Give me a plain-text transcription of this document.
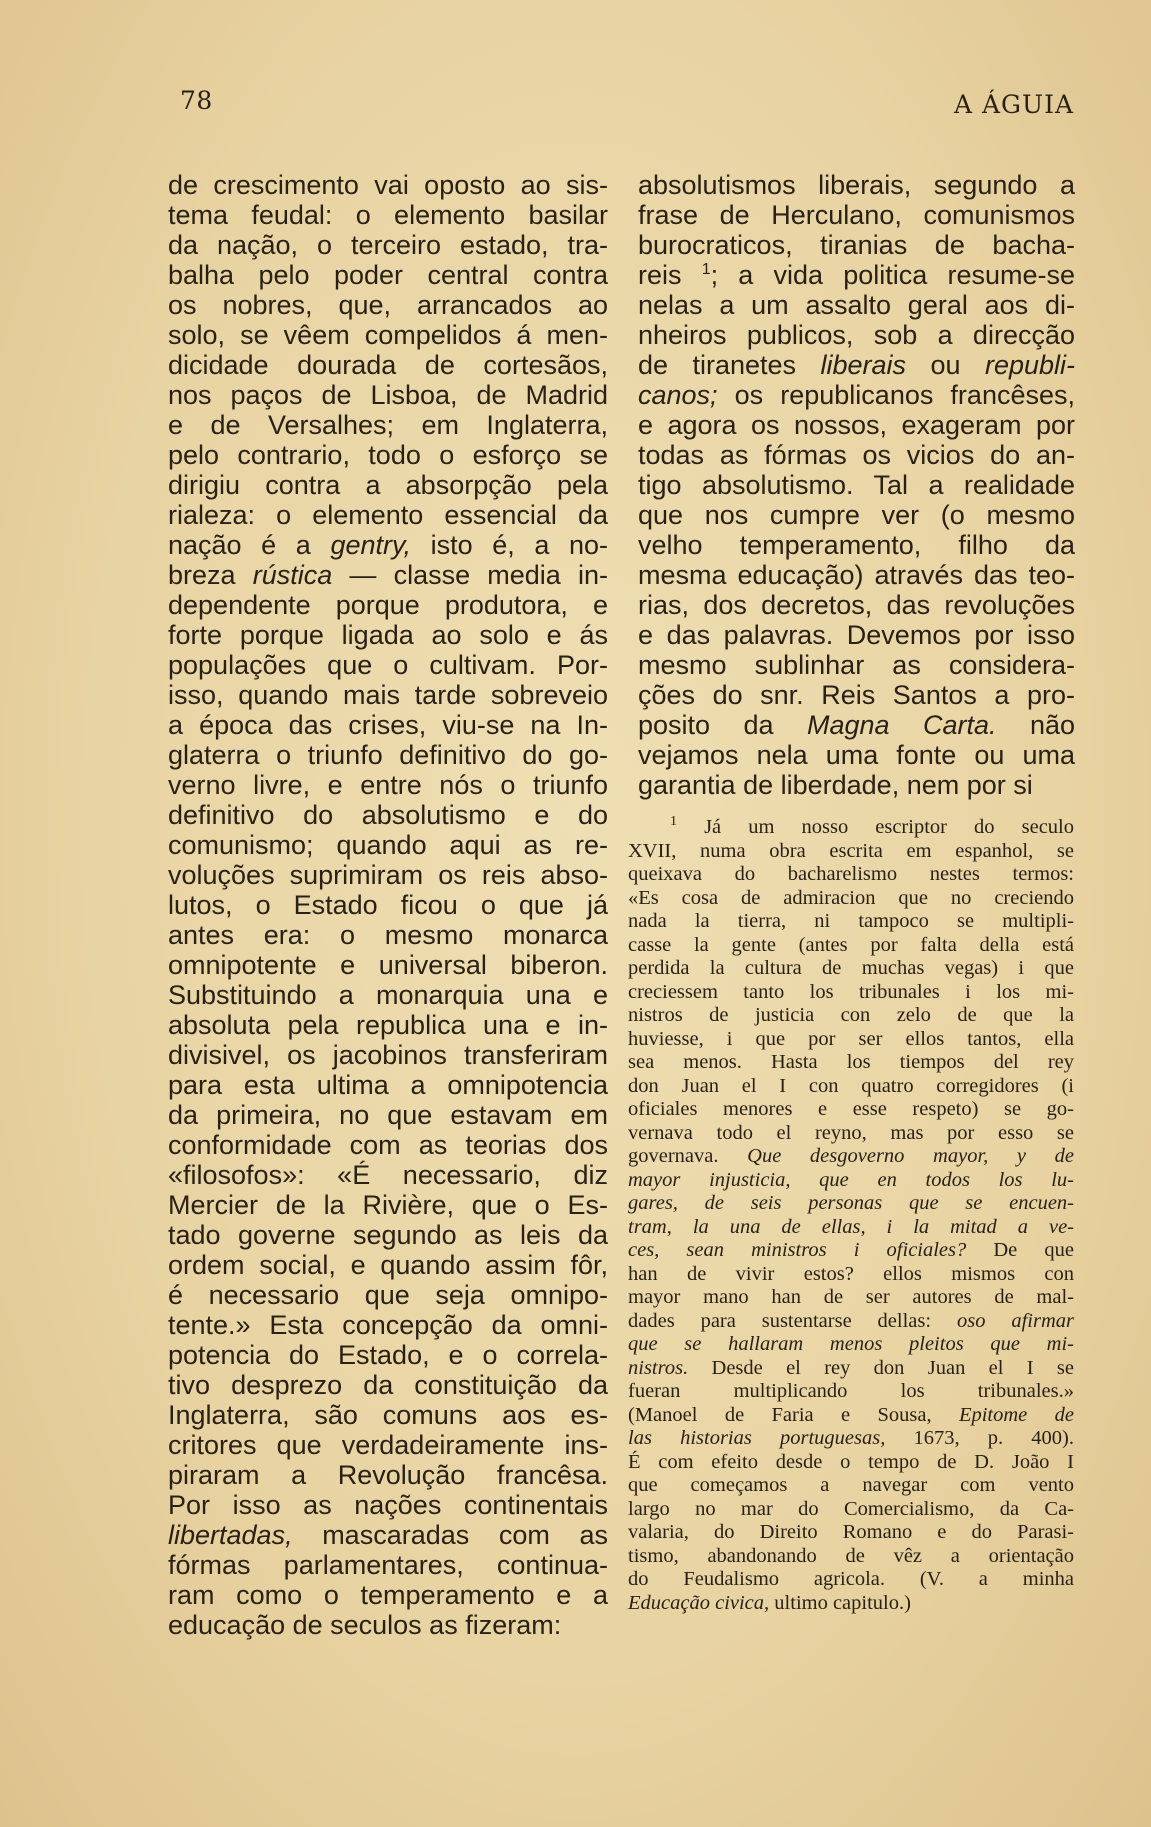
78	A ÁGUIA
de crescimento vai oposto ao sis-
tema feudal: o elemento basilar
da nação, o terceiro estado, tra-
balha pelo poder central contra
os nobres, que, arrancados ao
solo, se vêem compelidos á men-
dicidade dourada de cortesãos,
nos paços de Lisboa, de Madrid
e de Versalhes; em Inglaterra,
pelo contrario, todo o esforço se
dirigiu contra a absorpção pela
rialeza: o elemento essencial da
nação é a gentry, isto é, a no-
breza rústica — classe media in-
dependente porque produtora, e
forte porque ligada ao solo e ás
populações que o cultivam. Por-
isso, quando mais tarde sobreveio
a época das crises, viu-se na In-
glaterra o triunfo definitivo do go-
verno livre, e entre nós o triunfo
definitivo do absolutismo e do
comunismo; quando aqui as re-
voluções suprimiram os reis abso-
lutos, o Estado ficou o que já
antes era: o mesmo monarca
omnipotente e universal biberon.
Substituindo a monarquia una e
absoluta pela republica una e in-
divisivel, os jacobinos transferiram
para esta ultima a omnipotencia
da primeira, no que estavam em
conformidade com as teorias dos
«filosofos»: «É necessario, diz
Mercier de la Rivière, que o Es-
tado governe segundo as leis da
ordem social, e quando assim fôr,
é necessario que seja omnipo-
tente.» Esta concepção da omni-
potencia do Estado, e o correla-
tivo desprezo da constituição da
Inglaterra, são comuns aos es-
critores que verdadeiramente ins-
piraram a Revolução francêsa.
Por isso as nações continentais
libertadas, mascaradas com as
fórmas parlamentares, continua-
ram como o temperamento e a
educação de seculos as fizeram:
absolutismos liberais, segundo a
frase de Herculano, comunismos
burocraticos, tiranias de bacha-
reis $^1$; a vida politica resume-se
nelas a um assalto geral aos di-
nheiros publicos, sob a direcção
de tiranetes liberais ou republi-
canos; os republicanos francêses,
e agora os nossos, exageram por
todas as fórmas os vicios do an-
tigo absolutismo. Tal a realidade
que nos cumpre ver (o mesmo
velho temperamento, filho da
mesma educação) através das teo-
rias, dos decretos, das revoluções
e das palavras. Devemos por isso
mesmo sublinhar as considera-
ções do snr. Reis Santos a pro-
posito da Magna Carta. não
vejamos nela uma fonte ou uma
garantia de liberdade, nem por si
$^1$ Já um nosso escriptor do seculo
XVII, numa obra escrita em espanhol, se
queixava do bacharelismo nestes termos:
«Es cosa de admiracion que no creciendo
nada la tierra, ni tampoco se multipli-
casse la gente (antes por falta della está
perdida la cultura de muchas vegas) i que
creciessem tanto los tribunales i los mi-
nistros de justicia con zelo de que la
huviesse, i que por ser ellos tantos, ella
sea menos. Hasta los tiempos del rey
don Juan el I con quatro corregidores (i
oficiales menores e esse respeto) se go-
vernava todo el reyno, mas por esso se
governava. Que desgoverno mayor, y de
mayor injusticia, que en todos los lu-
gares, de seis personas que se encuen-
tram, la una de ellas, i la mitad a ve-
ces, sean ministros i oficiales? De que
han de vivir estos? ellos mismos con
mayor mano han de ser autores de mal-
dades para sustentarse dellas: oso afirmar
que se hallaram menos pleitos que mi-
nistros. Desde el rey don Juan el I se
fueran multiplicando los tribunales.»
(Manoel de Faria e Sousa, Epitome de
las historias portuguesas, 1673, p. 400).
É com efeito desde o tempo de D. João I
que começamos a navegar com vento
largo no mar do Comercialismo, da Ca-
valaria, do Direito Romano e do Parasi-
tismo, abandonando de vêz a orientação
do Feudalismo agricola. (V. a minha
Educação civica, ultimo capitulo.)
